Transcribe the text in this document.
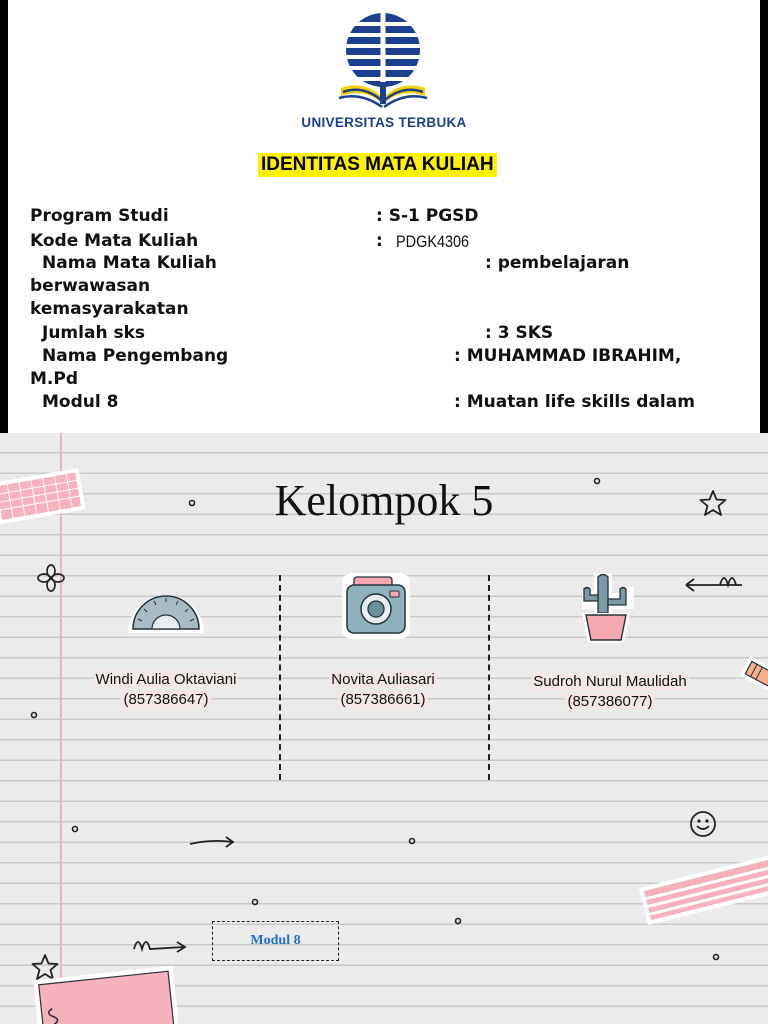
UNIVERSITAS TERBUKA
IDENTITAS MATA KULIAH
Program Studi	: S-1 PGSD
Kode Mata Kuliah	: PDGK4306
Nama Mata Kuliah	: pembelajaran
berwawasan
kemasyarakatan
Jumlah sks	: 3 SKS
Nama Pengembang	: MUHAMMAD IBRAHIM,
M.Pd
Modul 8	: Muatan life skills dalam
Kelompok 5
Windi Aulia Oktaviani
(857386647)
Novita Auliasari
(857386661)
Sudroh Nurul Maulidah
(857386077)
Modul 8
